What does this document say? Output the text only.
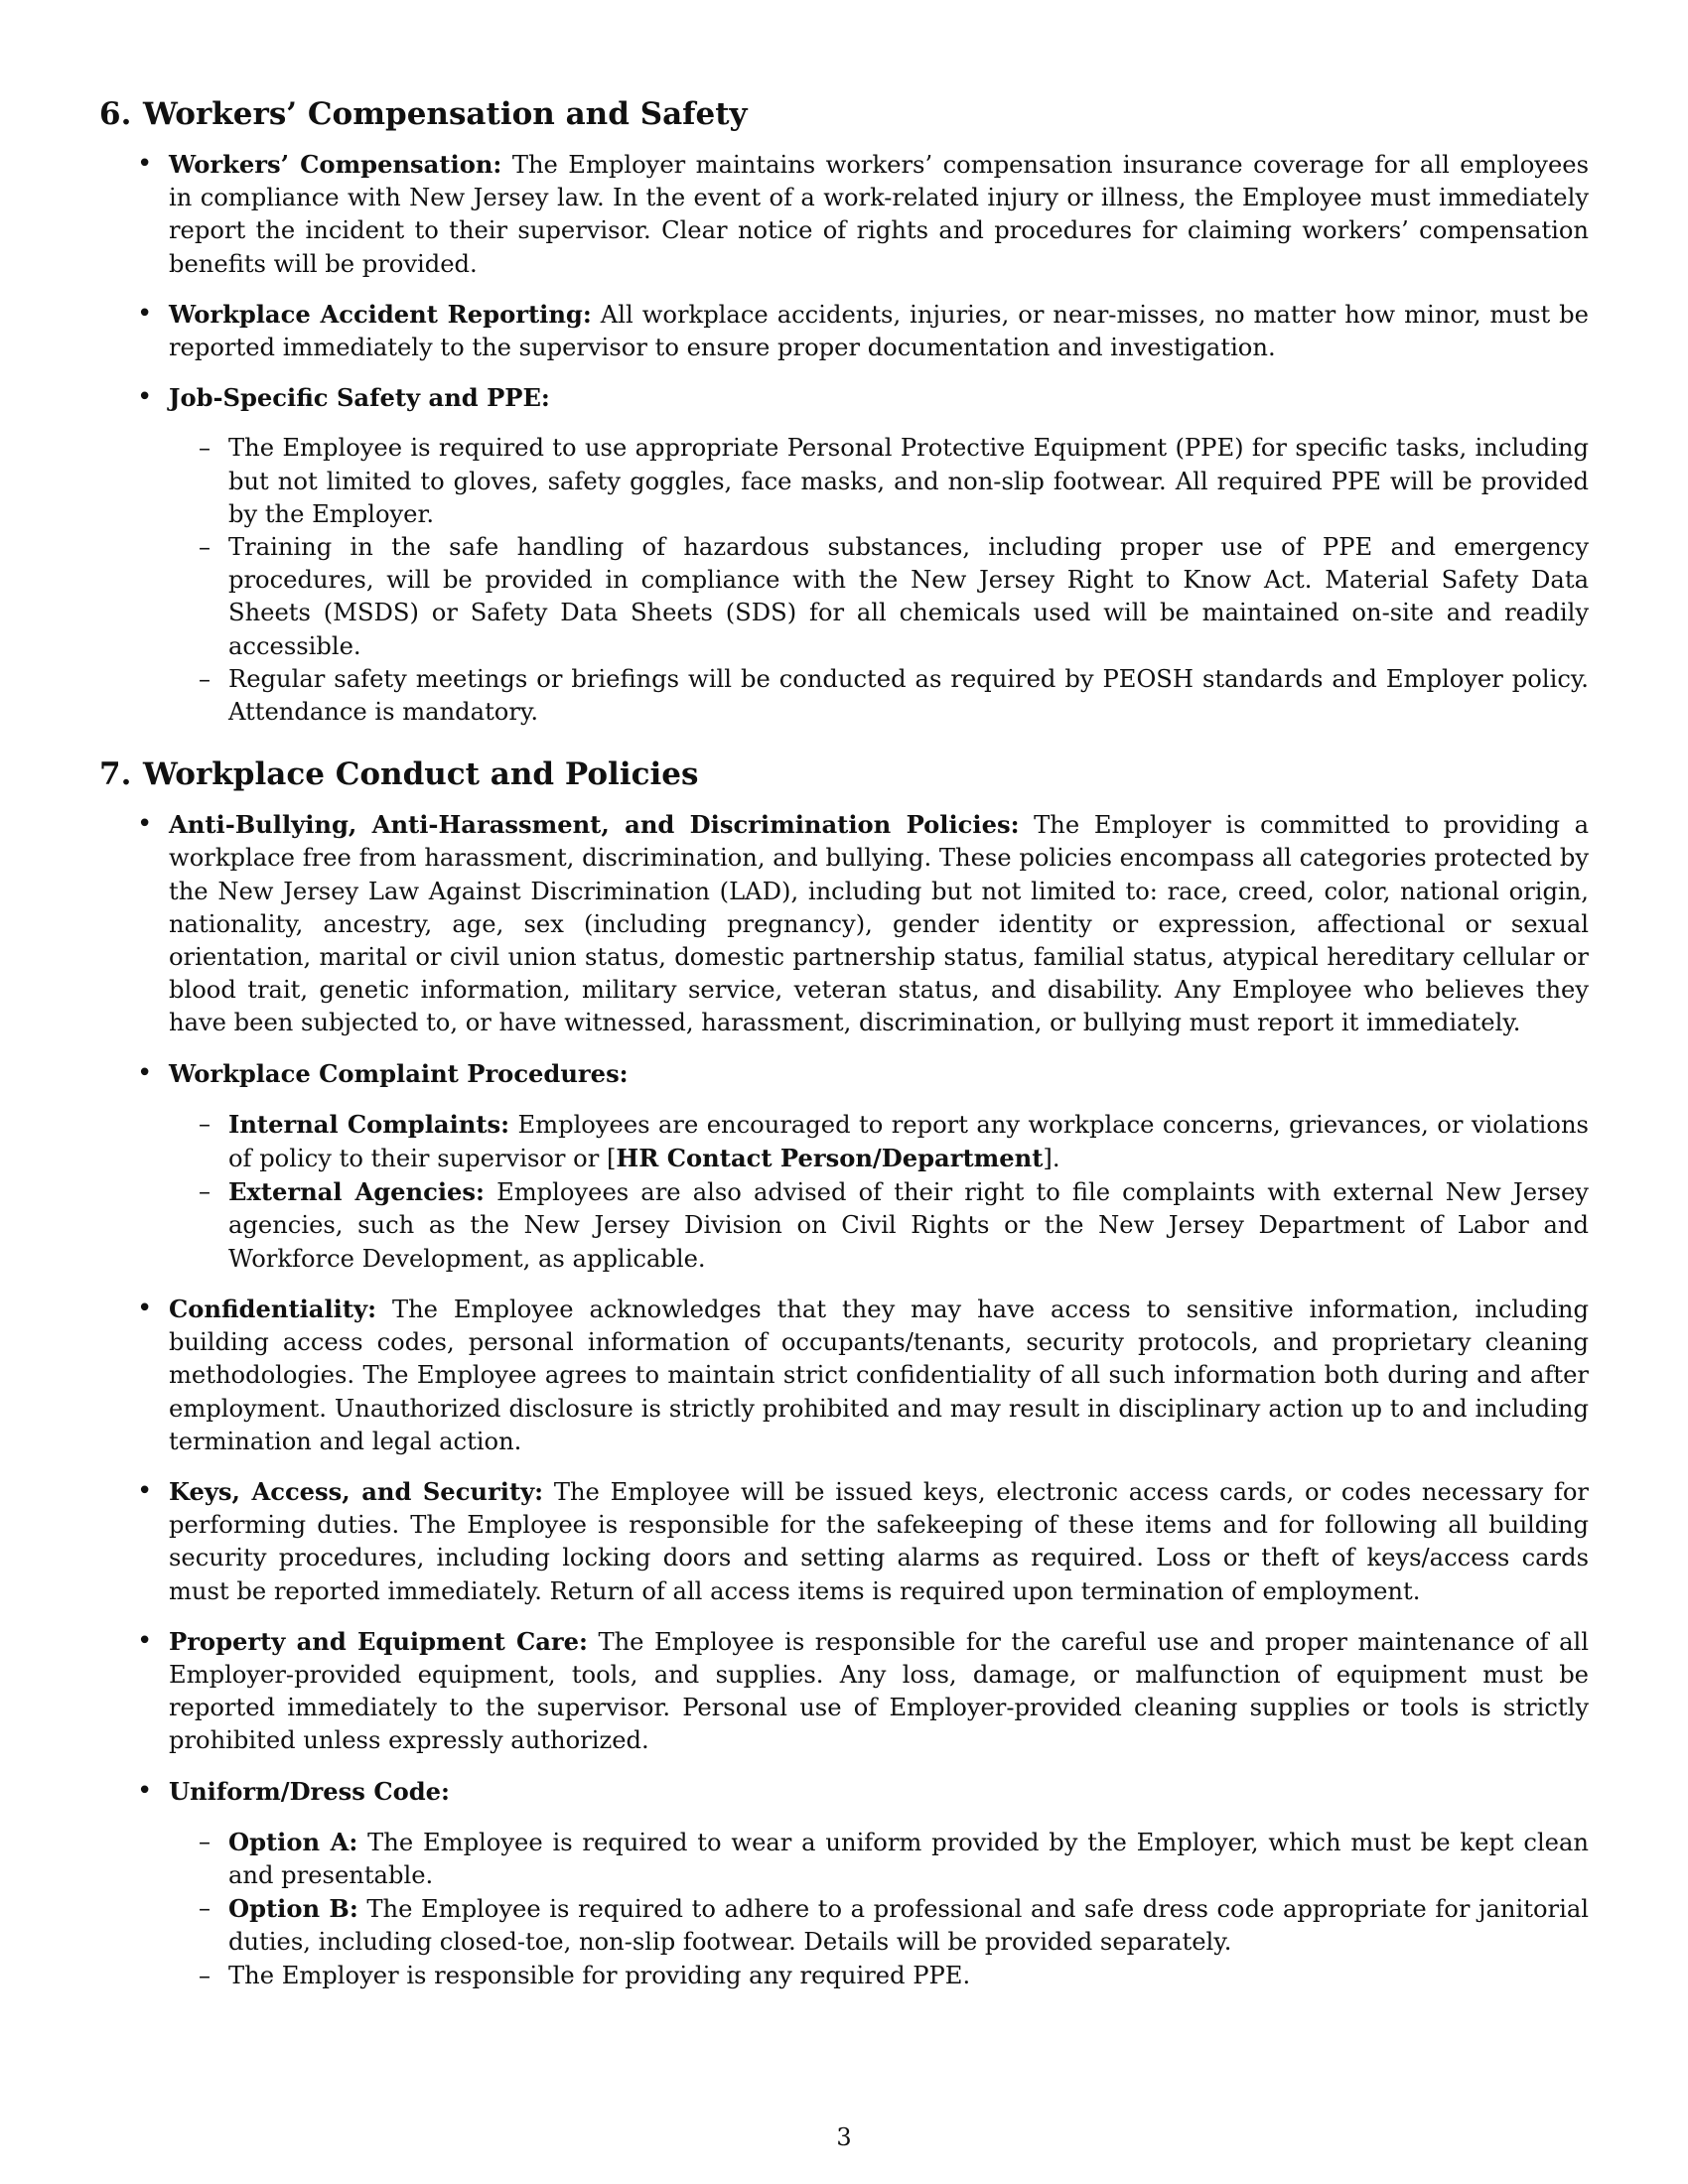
6. Workers’ Compensation and Safety

• Workers’ Compensation: The Employer maintains workers’ compensation insurance coverage for all employees in compliance with New Jersey law. In the event of a work-related injury or illness, the Employee must immediately report the incident to their supervisor. Clear notice of rights and procedures for claiming workers’ compensation benefits will be provided.

• Workplace Accident Reporting: All workplace accidents, injuries, or near-misses, no matter how minor, must be reported immediately to the supervisor to ensure proper documentation and investigation.

• Job-Specific Safety and PPE:

– The Employee is required to use appropriate Personal Protective Equipment (PPE) for specific tasks, including but not limited to gloves, safety goggles, face masks, and non-slip footwear. All required PPE will be provided by the Employer.

– Training in the safe handling of hazardous substances, including proper use of PPE and emergency procedures, will be provided in compliance with the New Jersey Right to Know Act. Material Safety Data Sheets (MSDS) or Safety Data Sheets (SDS) for all chemicals used will be maintained on-site and readily accessible.

– Regular safety meetings or briefings will be conducted as required by PEOSH standards and Employer policy. Attendance is mandatory.

7. Workplace Conduct and Policies

• Anti-Bullying, Anti-Harassment, and Discrimination Policies: The Employer is committed to providing a workplace free from harassment, discrimination, and bullying. These policies encompass all categories protected by the New Jersey Law Against Discrimination (LAD), including but not limited to: race, creed, color, national origin, nationality, ancestry, age, sex (including pregnancy), gender identity or expression, affectional or sexual orientation, marital or civil union status, domestic partnership status, familial status, atypical hereditary cellular or blood trait, genetic information, military service, veteran status, and disability. Any Employee who believes they have been subjected to, or have witnessed, harassment, discrimination, or bullying must report it immediately.

• Workplace Complaint Procedures:

– Internal Complaints: Employees are encouraged to report any workplace concerns, grievances, or violations of policy to their supervisor or [HR Contact Person/Department].

– External Agencies: Employees are also advised of their right to file complaints with external New Jersey agencies, such as the New Jersey Division on Civil Rights or the New Jersey Department of Labor and Workforce Development, as applicable.

• Confidentiality: The Employee acknowledges that they may have access to sensitive information, including building access codes, personal information of occupants/tenants, security protocols, and proprietary cleaning methodologies. The Employee agrees to maintain strict confidentiality of all such information both during and after employment. Unauthorized disclosure is strictly prohibited and may result in disciplinary action up to and including termination and legal action.

• Keys, Access, and Security: The Employee will be issued keys, electronic access cards, or codes necessary for performing duties. The Employee is responsible for the safekeeping of these items and for following all building security procedures, including locking doors and setting alarms as required. Loss or theft of keys/access cards must be reported immediately. Return of all access items is required upon termination of employment.

• Property and Equipment Care: The Employee is responsible for the careful use and proper maintenance of all Employer-provided equipment, tools, and supplies. Any loss, damage, or malfunction of equipment must be reported immediately to the supervisor. Personal use of Employer-provided cleaning supplies or tools is strictly prohibited unless expressly authorized.

• Uniform/Dress Code:

– Option A: The Employee is required to wear a uniform provided by the Employer, which must be kept clean and presentable.

– Option B: The Employee is required to adhere to a professional and safe dress code appropriate for janitorial duties, including closed-toe, non-slip footwear. Details will be provided separately.

– The Employer is responsible for providing any required PPE.

3
